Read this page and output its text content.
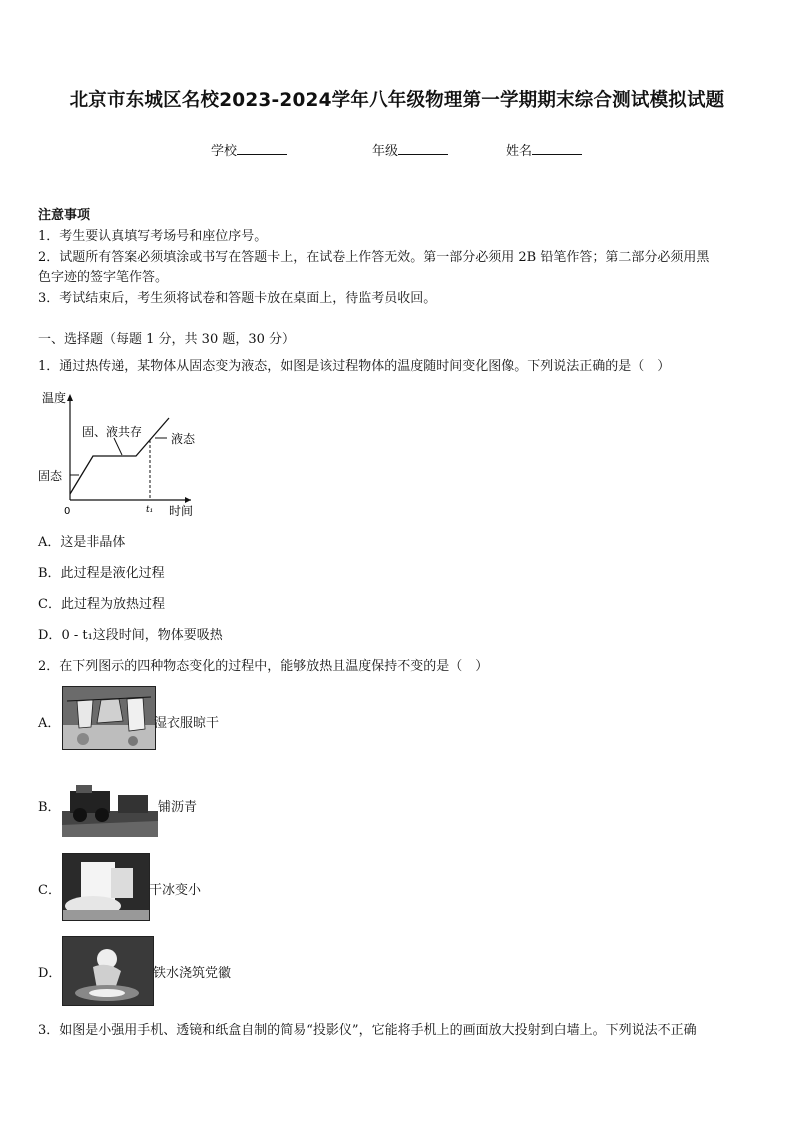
北京市东城区名校2023-2024学年八年级物理第一学期期末综合测试模拟试题
学校	年级	姓名
注意事项
1．考生要认真填写考场号和座位序号。
2．试题所有答案必须填涂或书写在答题卡上，在试卷上作答无效。第一部分必须用 2B 铅笔作答；第二部分必须用黑
色字迹的签字笔作答。
3．考试结束后，考生须将试卷和答题卡放在桌面上，待监考员收回。
一、选择题（每题 1 分，共 30 题，30 分）
1．通过热传递，某物体从固态变为液态，如图是该过程物体的温度随时间变化图像。下列说法正确的是（　）
温度
时间
0	t₁
固态
固、液共存 液态
A．这是非晶体
B．此过程是液化过程
C．此过程为放热过程
D．0 - t₁这段时间，物体要吸热
2．在下列图示的四种物态变化的过程中，能够放热且温度保持不变的是（　）
A．	湿衣服晾干
B．	铺沥青
C．	干冰变小
D．	铁水浇筑党徽
3．如图是小强用手机、透镜和纸盒自制的简易“投影仪”，它能将手机上的画面放大投射到白墙上。下列说法不正确
